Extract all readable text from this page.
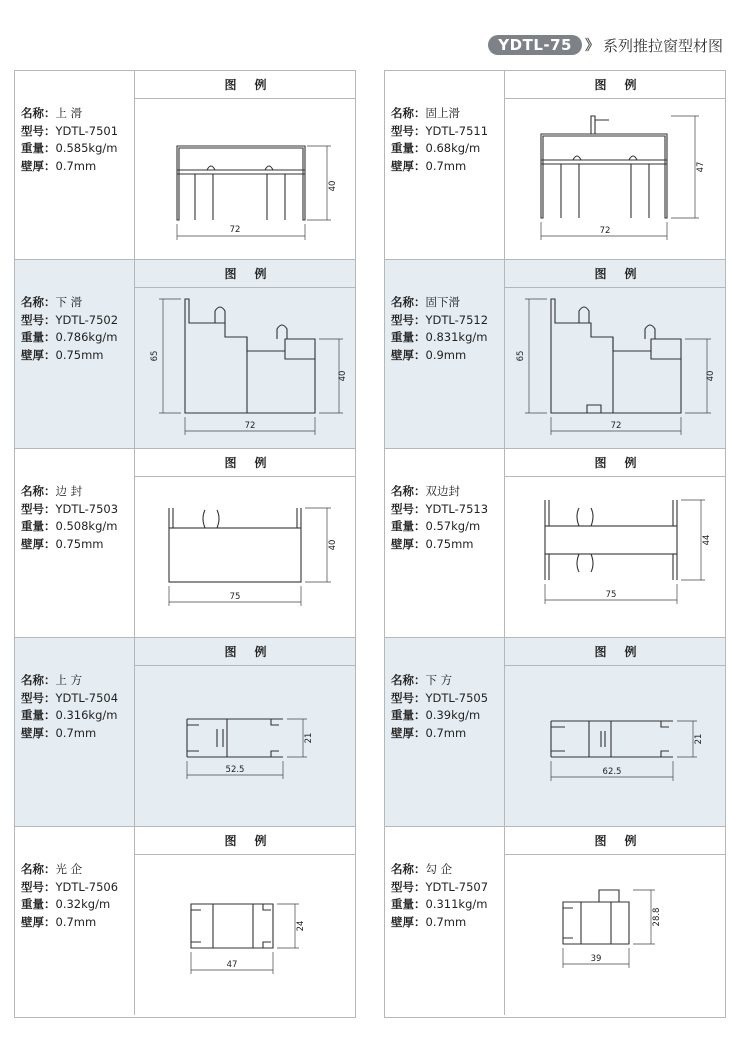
YDTL-75 》 系列推拉窗型材图
名称：上 滑
型号：YDTL-7501
重量：0.585kg/m
壁厚：0.7mm
图例
72
40
名称：下 滑
型号：YDTL-7502
重量：0.786kg/m
壁厚：0.75mm
图例
72
40
65
名称：边 封
型号：YDTL-7503
重量：0.508kg/m
壁厚：0.75mm
图例
75
40
名称：上 方
型号：YDTL-7504
重量：0.316kg/m
壁厚：0.7mm
图例
52.5
21
名称：光 企
型号：YDTL-7506
重量：0.32kg/m
壁厚：0.7mm
图例
47
24
名称：固上滑
型号：YDTL-7511
重量：0.68kg/m
壁厚：0.7mm
图例
72
47
名称：固下滑
型号：YDTL-7512
重量：0.831kg/m
壁厚：0.9mm
图例
72
40
65
名称：双边封
型号：YDTL-7513
重量：0.57kg/m
壁厚：0.75mm
图例
75
44
名称：下 方
型号：YDTL-7505
重量：0.39kg/m
壁厚：0.7mm
图例
62.5
21
名称：勾 企
型号：YDTL-7507
重量：0.311kg/m
壁厚：0.7mm
图例
39
28.8
